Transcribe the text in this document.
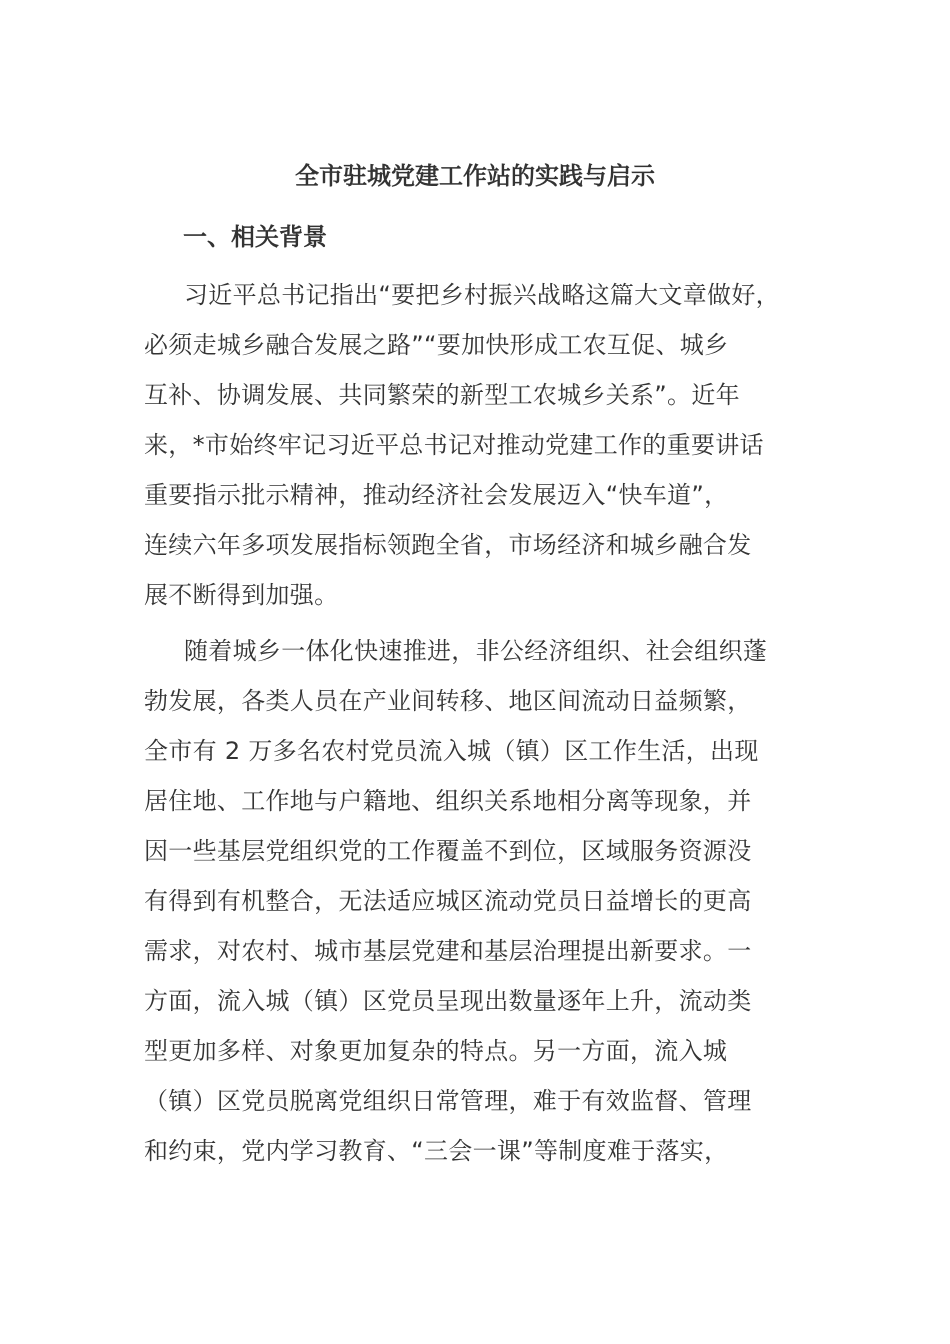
全市驻城党建工作站的实践与启示
一、相关背景

习近平总书记指出“要把乡村振兴战略这篇大文章做好，
必须走城乡融合发展之路”“要加快形成工农互促、城乡
互补、协调发展、共同繁荣的新型工农城乡关系”。近年
来，*市始终牢记习近平总书记对推动党建工作的重要讲话
重要指示批示精神，推动经济社会发展迈入“快车道”，
连续六年多项发展指标领跑全省，市场经济和城乡融合发
展不断得到加强。

随着城乡一体化快速推进，非公经济组织、社会组织蓬
勃发展，各类人员在产业间转移、地区间流动日益频繁，
全市有 2 万多名农村党员流入城（镇）区工作生活，出现
居住地、工作地与户籍地、组织关系地相分离等现象，并
因一些基层党组织党的工作覆盖不到位，区域服务资源没
有得到有机整合，无法适应城区流动党员日益增长的更高
需求，对农村、城市基层党建和基层治理提出新要求。一
方面，流入城（镇）区党员呈现出数量逐年上升，流动类
型更加多样、对象更加复杂的特点。另一方面，流入城
（镇）区党员脱离党组织日常管理，难于有效监督、管理
和约束，党内学习教育、“三会一课”等制度难于落实，
